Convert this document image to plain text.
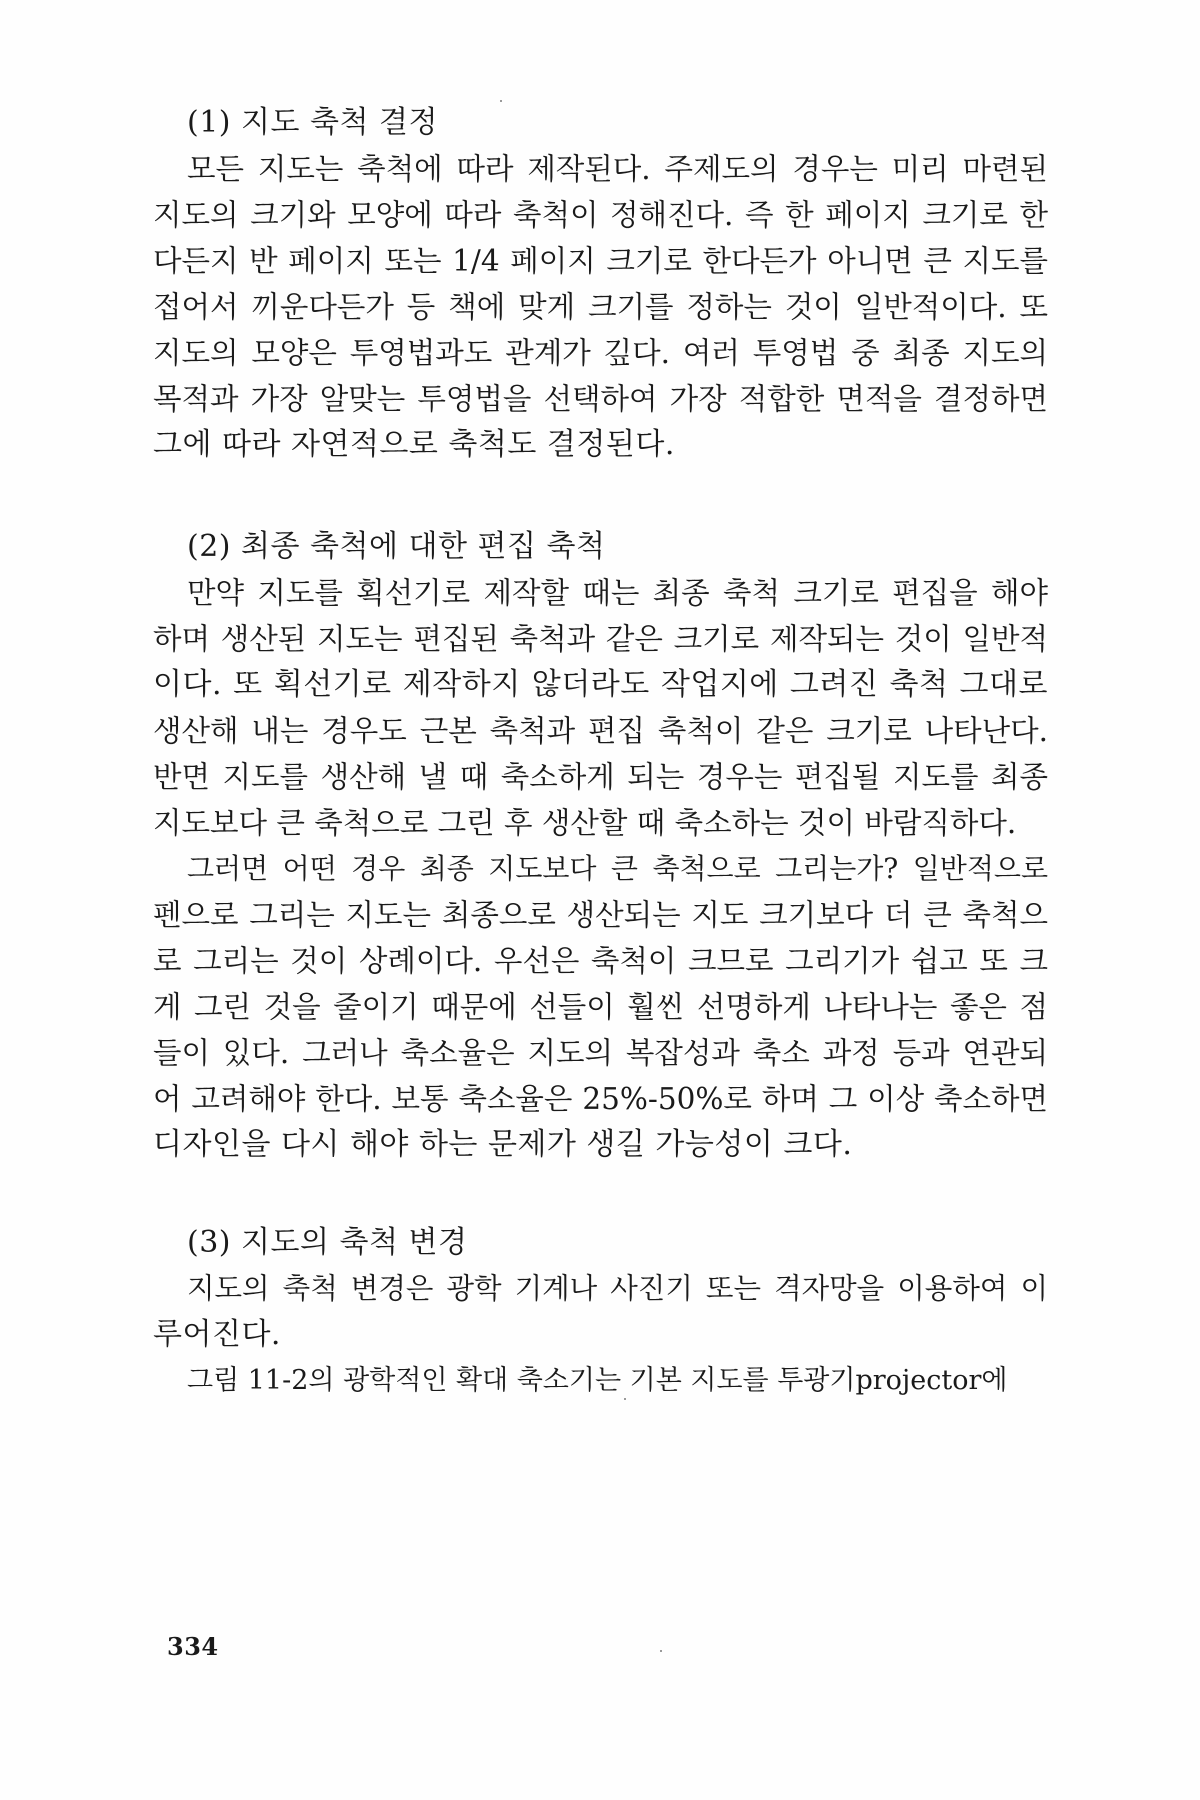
(1) 지도 축척 결정
모든 지도는 축척에 따라 제작된다. 주제도의 경우는 미리 마련된
지도의 크기와 모양에 따라 축척이 정해진다. 즉 한 페이지 크기로 한
다든지 반 페이지 또는 1/4 페이지 크기로 한다든가 아니면 큰 지도를
접어서 끼운다든가 등 책에 맞게 크기를 정하는 것이 일반적이다. 또
지도의 모양은 투영법과도 관계가 깊다. 여러 투영법 중 최종 지도의
목적과 가장 알맞는 투영법을 선택하여 가장 적합한 면적을 결정하면
그에 따라 자연적으로 축척도 결정된다.
(2) 최종 축척에 대한 편집 축척
만약 지도를 획선기로 제작할 때는 최종 축척 크기로 편집을 해야
하며 생산된 지도는 편집된 축척과 같은 크기로 제작되는 것이 일반적
이다. 또 획선기로 제작하지 않더라도 작업지에 그려진 축척 그대로
생산해 내는 경우도 근본 축척과 편집 축척이 같은 크기로 나타난다.
반면 지도를 생산해 낼 때 축소하게 되는 경우는 편집될 지도를 최종
지도보다 큰 축척으로 그린 후 생산할 때 축소하는 것이 바람직하다.
그러면 어떤 경우 최종 지도보다 큰 축척으로 그리는가? 일반적으로
펜으로 그리는 지도는 최종으로 생산되는 지도 크기보다 더 큰 축척으
로 그리는 것이 상례이다. 우선은 축척이 크므로 그리기가 쉽고 또 크
게 그린 것을 줄이기 때문에 선들이 훨씬 선명하게 나타나는 좋은 점
들이 있다. 그러나 축소율은 지도의 복잡성과 축소 과정 등과 연관되
어 고려해야 한다. 보통 축소율은 25%-50%로 하며 그 이상 축소하면
디자인을 다시 해야 하는 문제가 생길 가능성이 크다.
(3) 지도의 축척 변경
지도의 축척 변경은 광학 기계나 사진기 또는 격자망을 이용하여 이
루어진다.
그림 11-2의 광학적인 확대 축소기는 기본 지도를 투광기projector에
334
